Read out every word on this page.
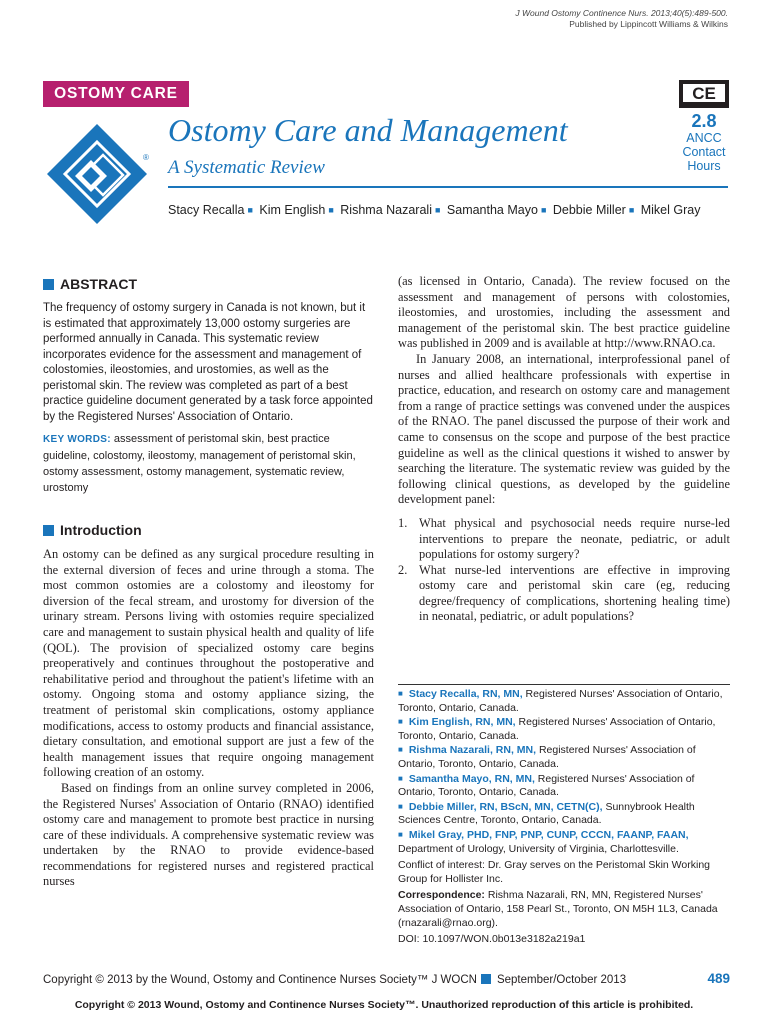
J Wound Ostomy Continence Nurs. 2013;40(5):489-500.
Published by Lippincott Williams & Wilkins
OSTOMY CARE
®
Ostomy Care and Management
A Systematic Review
Stacy Recalla ■ Kim English ■ Rishma Nazarali ■ Samantha Mayo ■ Debbie Miller ■ Mikel Gray
CE
2.8
ANCC
Contact
Hours
ABSTRACT

The frequency of ostomy surgery in Canada is not known, but it is estimated that approximately 13,000 ostomy surgeries are performed annually in Canada. This systematic review incorporates evidence for the assessment and management of colostomies, ileostomies, and urostomies, as well as the peristomal skin. The review was completed as part of a best practice guideline document generated by a task force appointed by the Registered Nurses' Association of Ontario.

KEY WORDS: assessment of peristomal skin, best practice guideline, colostomy, ileostomy, management of peristomal skin, ostomy assessment, ostomy management, systematic review, urostomy

Introduction

An ostomy can be defined as any surgical procedure resulting in the external diversion of feces and urine through a stoma. The most common ostomies are a colostomy and ileostomy for diversion of the fecal stream, and urostomy for diversion of the urinary stream. Persons living with ostomies require specialized care and management to sustain physical health and quality of life (QOL). The provision of specialized ostomy care begins preoperatively and continues throughout the postoperative and rehabilitative period and throughout the patient's lifetime with an ostomy. Ongoing stoma and ostomy appliance sizing, the treatment of peristomal skin complications, ostomy appliance modifications, access to ostomy products and financial assistance, dietary consultation, and emotional support are just a few of the health management issues that require ongoing management following creation of an ostomy.

Based on findings from an online survey completed in 2006, the Registered Nurses' Association of Ontario (RNAO) identified ostomy care and management to promote best practice in nursing care of these individuals. A comprehensive systematic review was undertaken by the RNAO to provide evidence-based recommendations for registered nurses and registered practical nurses

(as licensed in Ontario, Canada). The review focused on the assessment and management of persons with colostomies, ileostomies, and urostomies, including the assessment and management of the peristomal skin. The best practice guideline was published in 2009 and is available at http://www.RNAO.ca.

In January 2008, an international, interprofessional panel of nurses and allied healthcare professionals with expertise in practice, education, and research on ostomy care and management from a range of practice settings was convened under the auspices of the RNAO. The panel discussed the purpose of their work and came to consensus on the scope and purpose of the best practice guideline as well as the clinical questions it wished to answer by searching the literature. The systematic review was guided by the following clinical questions, as developed by the guideline development panel:

1. What physical and psychosocial needs require nurse-led interventions to prepare the neonate, pediatric, or adult populations for ostomy surgery?
2. What nurse-led interventions are effective in improving ostomy care and peristomal skin care (eg, reducing degree/frequency of complications, shortening healing time) in neonatal, pediatric, or adult populations?
■ Stacy Recalla, RN, MN, Registered Nurses' Association of Ontario, Toronto, Ontario, Canada.
■ Kim English, RN, MN, Registered Nurses' Association of Ontario, Toronto, Ontario, Canada.
■ Rishma Nazarali, RN, MN, Registered Nurses' Association of Ontario, Toronto, Ontario, Canada.
■ Samantha Mayo, RN, MN, Registered Nurses' Association of Ontario, Toronto, Ontario, Canada.
■ Debbie Miller, RN, BScN, MN, CETN(C), Sunnybrook Health Sciences Centre, Toronto, Ontario, Canada.
■ Mikel Gray, PHD, FNP, PNP, CUNP, CCCN, FAANP, FAAN, Department of Urology, University of Virginia, Charlottesville.

Conflict of interest: Dr. Gray serves on the Peristomal Skin Working Group for Hollister Inc.

Correspondence: Rishma Nazarali, RN, MN, Registered Nurses' Association of Ontario, 158 Pearl St., Toronto, ON M5H 1L3, Canada (rnazarali@rnao.org).

DOI: 10.1097/WON.0b013e3182a219a1

Copyright © 2013 by the Wound, Ostomy and Continence Nurses Society™ J WOCN September/October 2013	489
Copyright © 2013 Wound, Ostomy and Continence Nurses Society™. Unauthorized reproduction of this article is prohibited.
